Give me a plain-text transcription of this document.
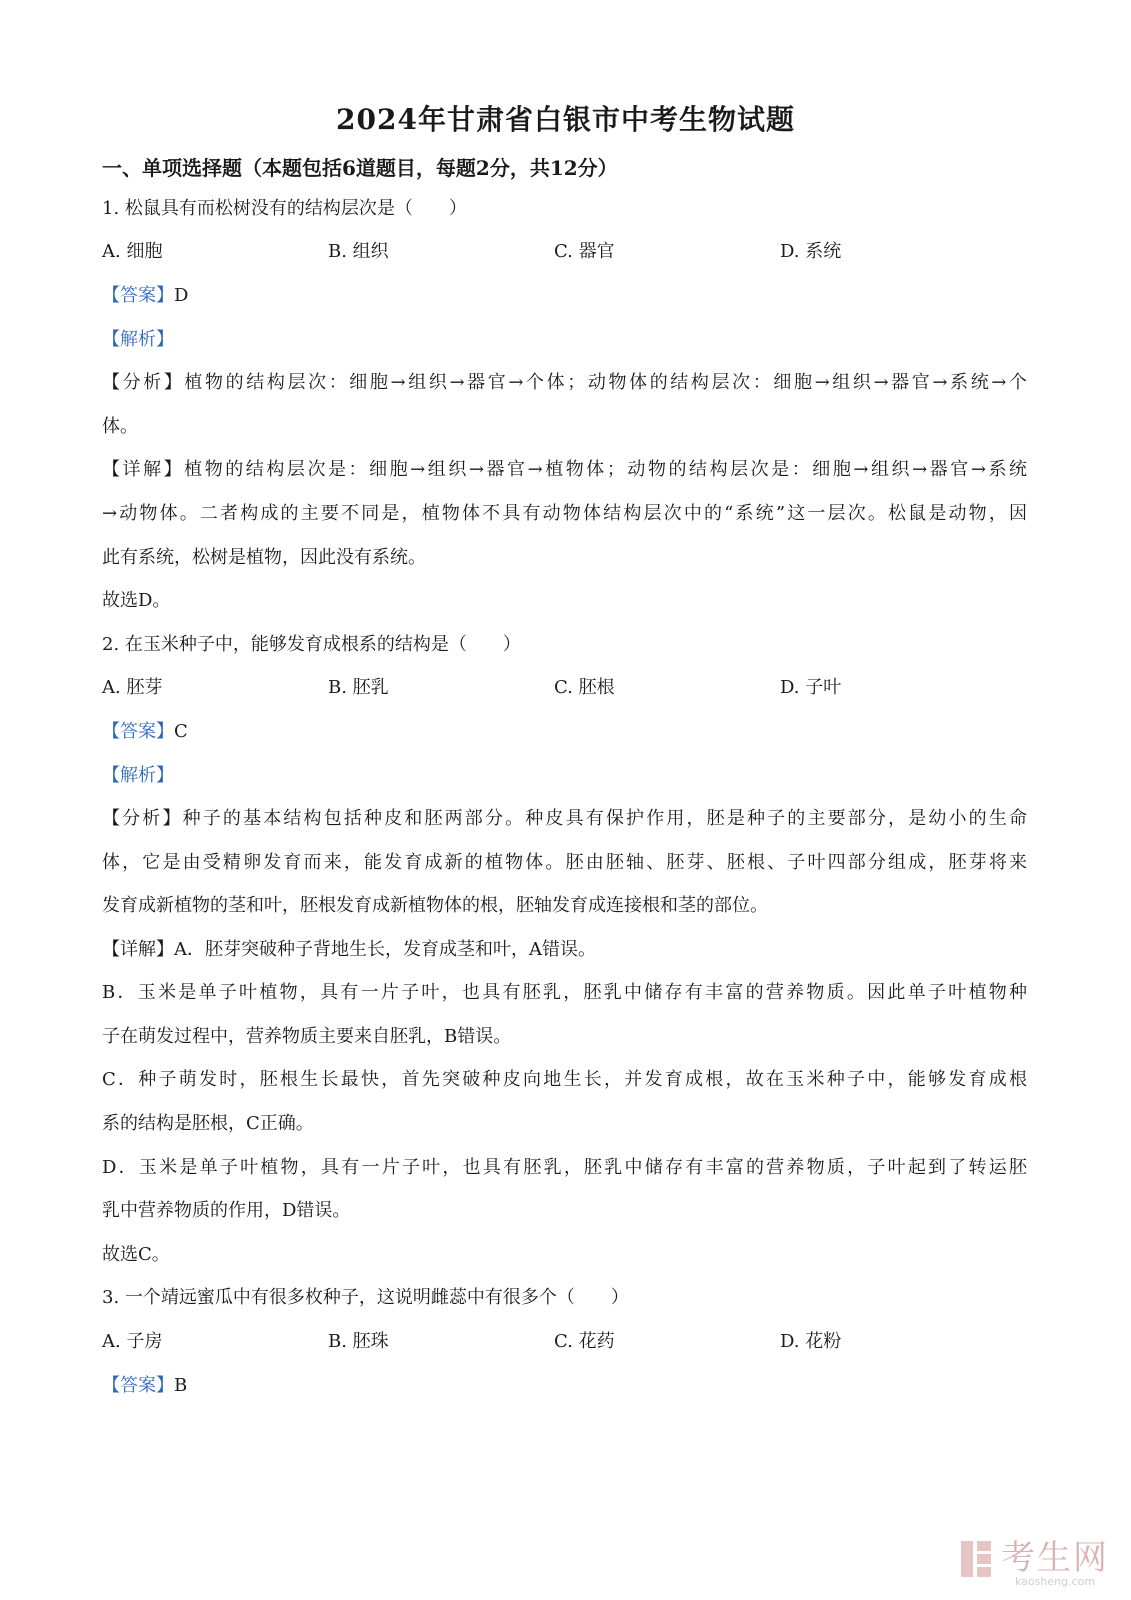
2024年甘肃省白银市中考生物试题
一、单项选择题（本题包括6道题目，每题2分，共12分）
1. 松鼠具有而松树没有的结构层次是（　　）
A. 细胞	B. 组织	C. 器官	D. 系统
【答案】D
【解析】
【分析】植物的结构层次：细胞→组织→器官→个体；动物体的结构层次：细胞→组织→器官→系统→个
体。
【详解】植物的结构层次是：细胞→组织→器官→植物体；动物的结构层次是：细胞→组织→器官→系统
→动物体。二者构成的主要不同是，植物体不具有动物体结构层次中的“系统”这一层次。松鼠是动物，因
此有系统，松树是植物，因此没有系统。
故选D。
2. 在玉米种子中，能够发育成根系的结构是（　　）
A. 胚芽	B. 胚乳	C. 胚根	D. 子叶
【答案】C
【解析】
【分析】种子的基本结构包括种皮和胚两部分。种皮具有保护作用，胚是种子的主要部分，是幼小的生命
体，它是由受精卵发育而来，能发育成新的植物体。胚由胚轴、胚芽、胚根、子叶四部分组成，胚芽将来
发育成新植物的茎和叶，胚根发育成新植物体的根，胚轴发育成连接根和茎的部位。
【详解】A．胚芽突破种子背地生长，发育成茎和叶，A错误。
B．玉米是单子叶植物，具有一片子叶，也具有胚乳，胚乳中储存有丰富的营养物质。因此单子叶植物种
子在萌发过程中，营养物质主要来自胚乳，B错误。
C．种子萌发时，胚根生长最快，首先突破种皮向地生长，并发育成根，故在玉米种子中，能够发育成根
系的结构是胚根，C正确。
D．玉米是单子叶植物，具有一片子叶，也具有胚乳，胚乳中储存有丰富的营养物质，子叶起到了转运胚
乳中营养物质的作用，D错误。
故选C。
3. 一个靖远蜜瓜中有很多枚种子，这说明雌蕊中有很多个（　　）
A. 子房	B. 胚珠	C. 花药	D. 花粉
【答案】B
考生网
kaosheng.com
